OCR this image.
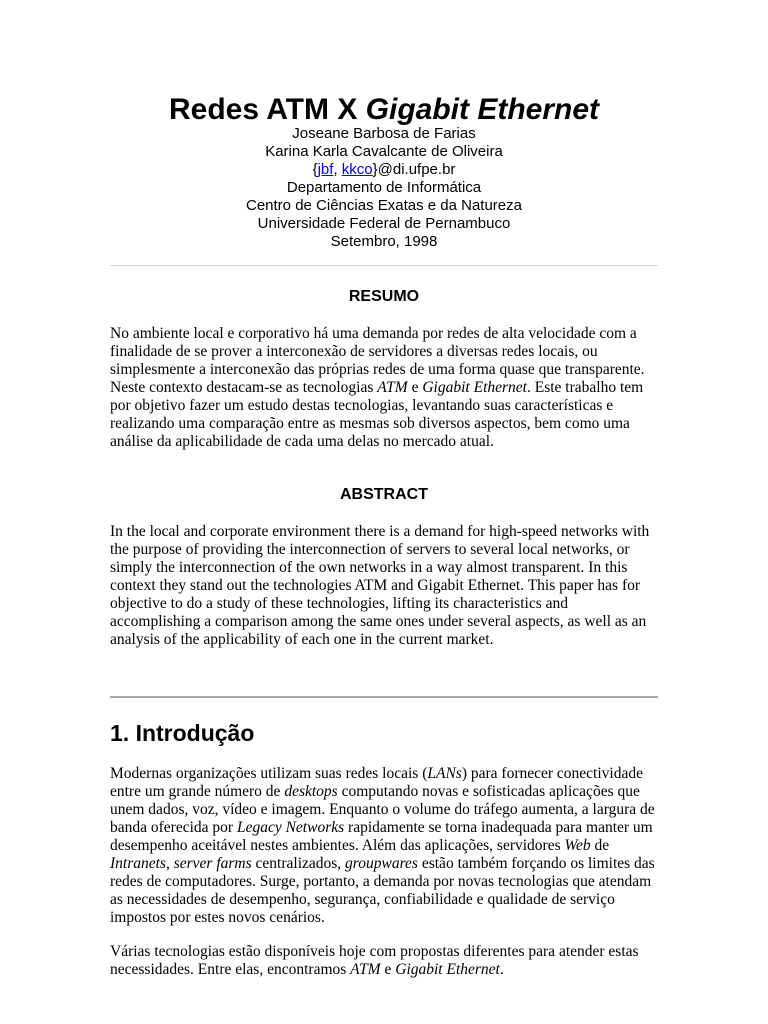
Redes ATM X Gigabit Ethernet
Joseane Barbosa de Farias
Karina Karla Cavalcante de Oliveira
{jbf, kkco}@di.ufpe.br
Departamento de Informática
Centro de Ciências Exatas e da Natureza
Universidade Federal de Pernambuco
Setembro, 1998
RESUMO
No ambiente local e corporativo há uma demanda por redes de alta velocidade com a
finalidade de se prover a interconexão de servidores a diversas redes locais, ou
simplesmente a interconexão das próprias redes de uma forma quase que transparente.
Neste contexto destacam-se as tecnologias ATM e Gigabit Ethernet. Este trabalho tem
por objetivo fazer um estudo destas tecnologias, levantando suas características e
realizando uma comparação entre as mesmas sob diversos aspectos, bem como uma
análise da aplicabilidade de cada uma delas no mercado atual.
ABSTRACT
In the local and corporate environment there is a demand for high-speed networks with
the purpose of providing the interconnection of servers to several local networks, or
simply the interconnection of the own networks in a way almost transparent. In this
context they stand out the technologies ATM and Gigabit Ethernet. This paper has for
objective to do a study of these technologies, lifting its characteristics and
accomplishing a comparison among the same ones under several aspects, as well as an
analysis of the applicability of each one in the current market.
1. Introdução
Modernas organizações utilizam suas redes locais (LANs) para fornecer conectividade
entre um grande número de desktops computando novas e sofisticadas aplicações que
unem dados, voz, vídeo e imagem. Enquanto o volume do tráfego aumenta, a largura de
banda oferecida por Legacy Networks rapidamente se torna inadequada para manter um
desempenho aceitável nestes ambientes. Além das aplicações, servidores Web de
Intranets, server farms centralizados, groupwares estão também forçando os limites das
redes de computadores. Surge, portanto, a demanda por novas tecnologias que atendam
as necessidades de desempenho, segurança, confiabilidade e qualidade de serviço
impostos por estes novos cenários.
Várias tecnologias estão disponíveis hoje com propostas diferentes para atender estas
necessidades. Entre elas, encontramos ATM e Gigabit Ethernet.
